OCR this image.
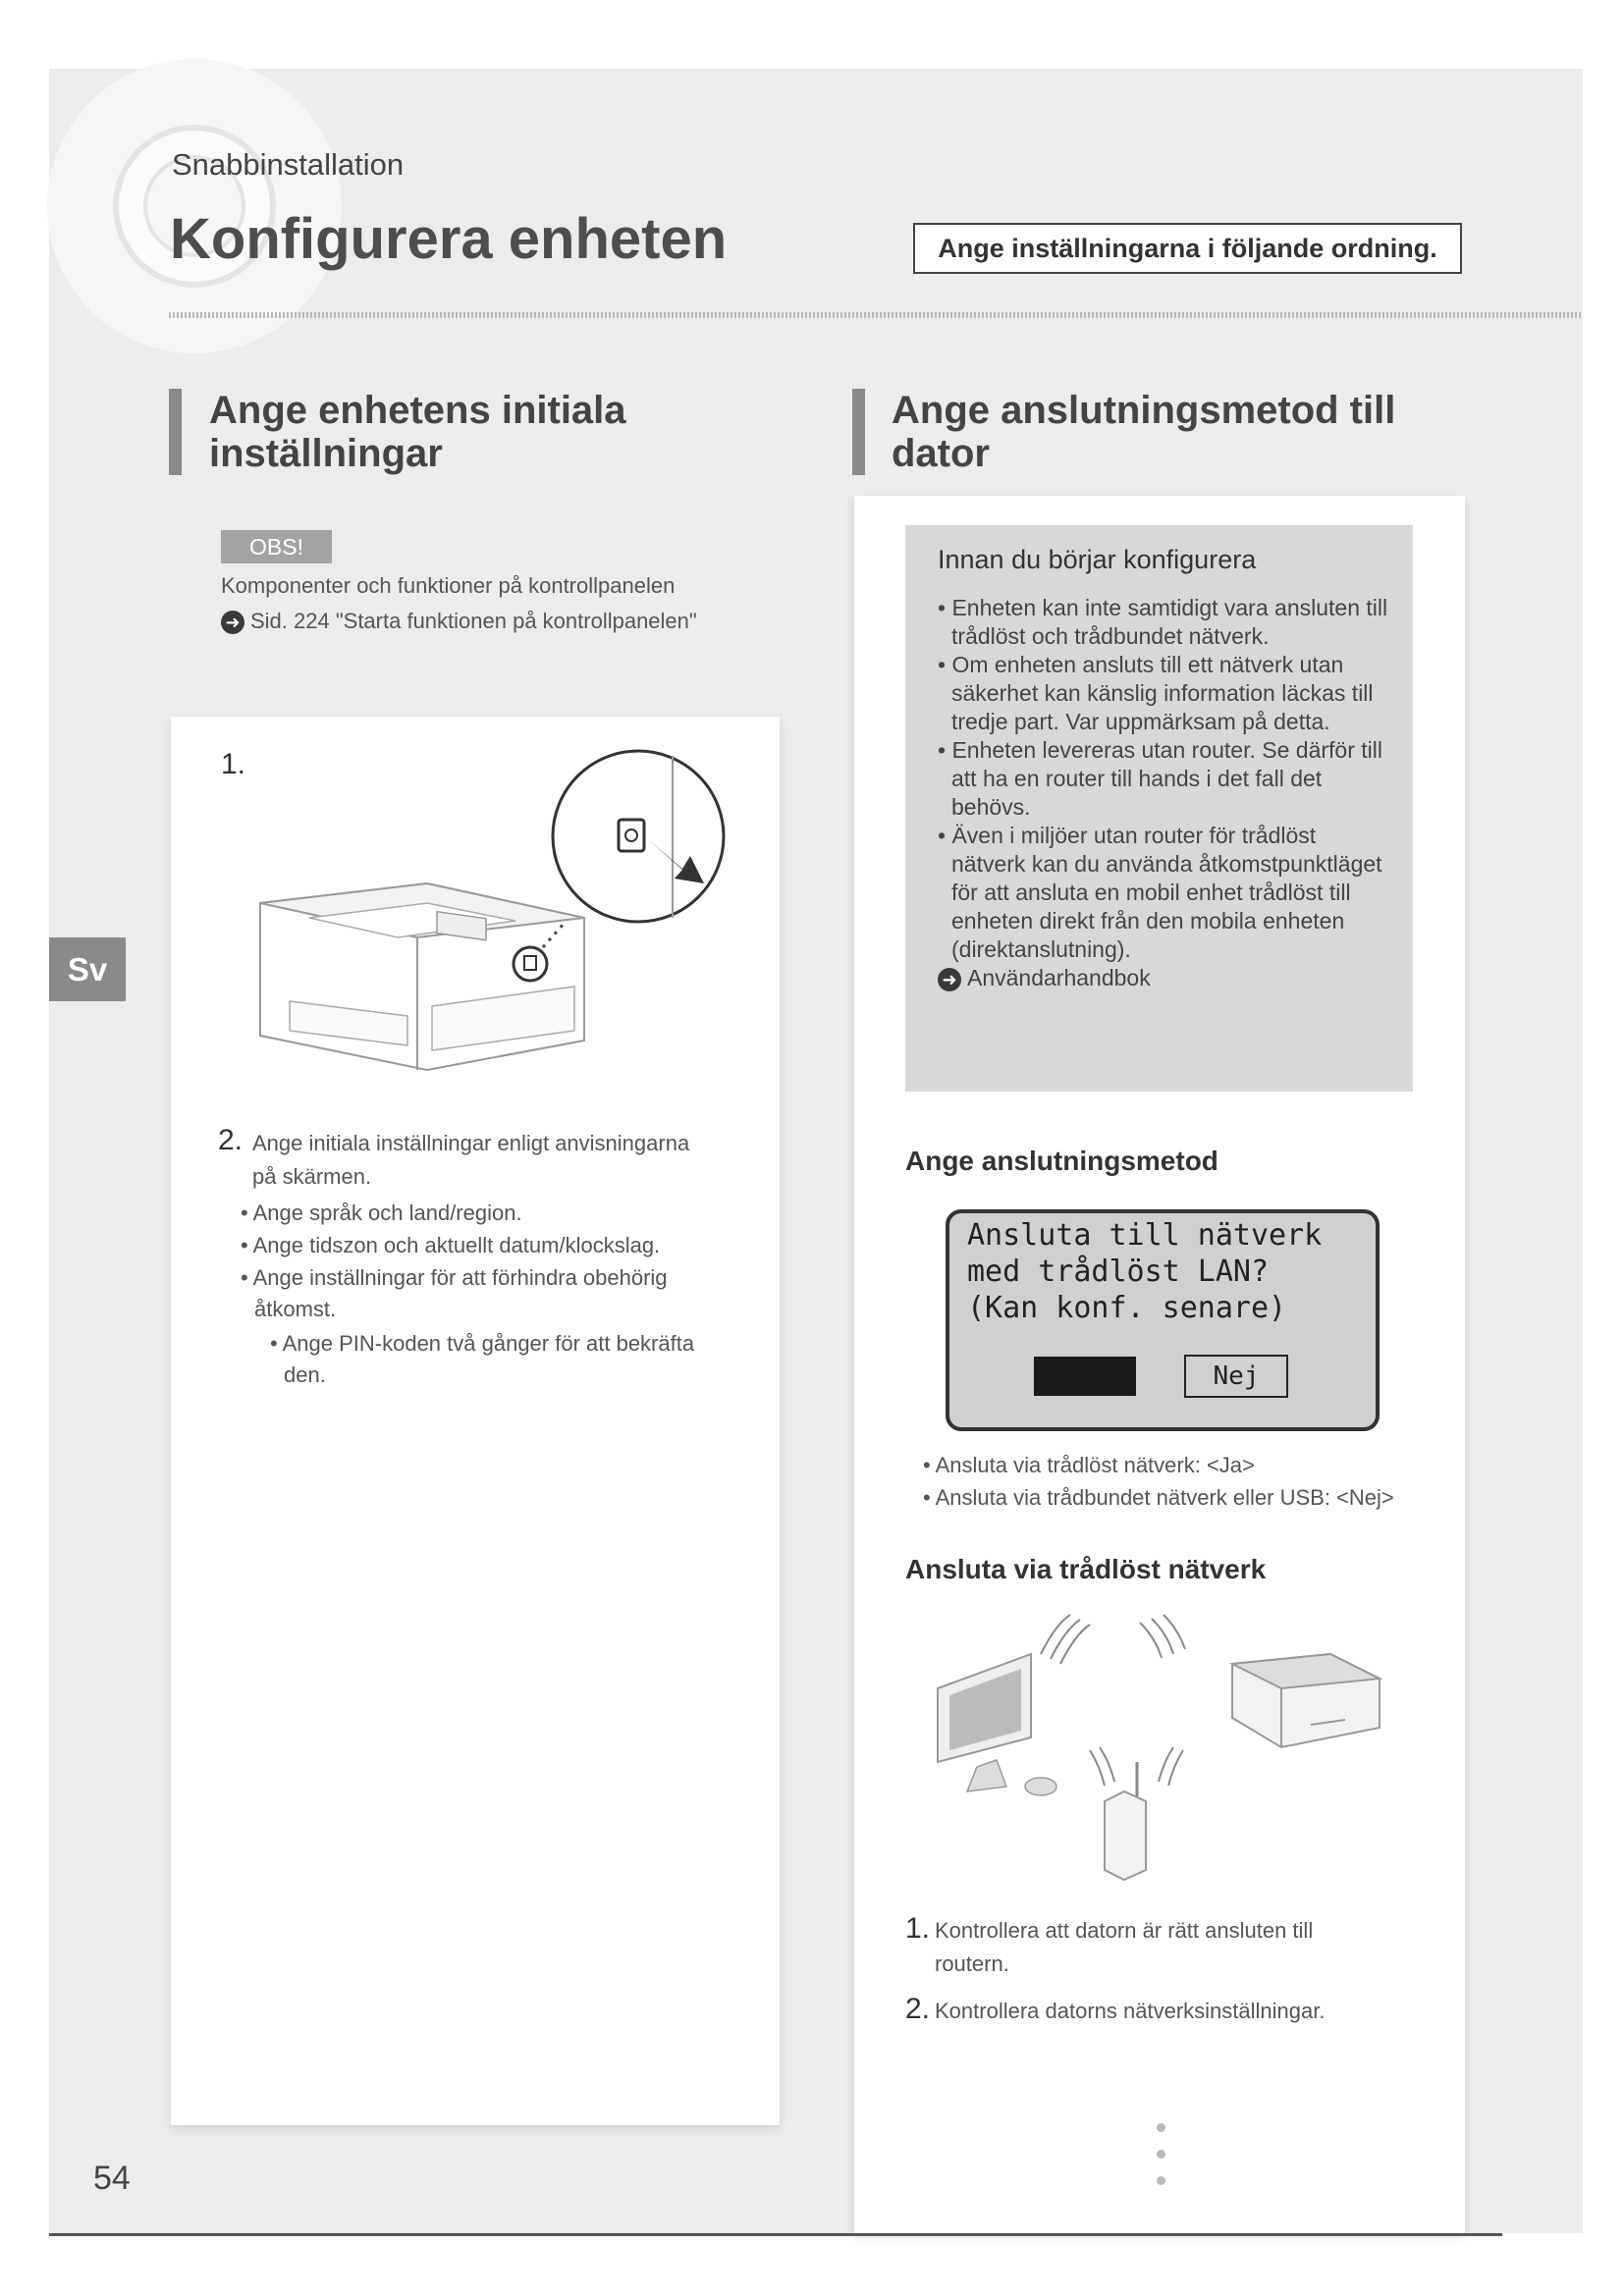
Snabbinstallation
Konfigurera enheten	Ange inställningarna i följande ordning.
Ange enhetens initiala
inställningar
Ange anslutningsmetod till
dator
OBS!
Komponenter och funktioner på kontrollpanelen
➜ Sid. 224 "Starta funktionen på kontrollpanelen"
1.
2. Ange initiala inställningar enligt anvisningarna
på skärmen.
• Ange språk och land/region.
• Ange tidszon och aktuellt datum/klockslag.
• Ange inställningar för att förhindra obehörig
åtkomst.
• Ange PIN-koden två gånger för att bekräfta
den.
Innan du börjar konfigurera
• Enheten kan inte samtidigt vara ansluten till trådlöst och trådbundet nätverk.
• Om enheten ansluts till ett nätverk utan säkerhet kan känslig information läckas till tredje part. Var uppmärksam på detta.
• Enheten levereras utan router. Se därför till att ha en router till hands i det fall det behövs.
• Även i miljöer utan router för trådlöst nätverk kan du använda åtkomstpunktläget för att ansluta en mobil enhet trådlöst till enheten direkt från den mobila enheten (direktanslutning).
➜ Användarhandbok
Ange anslutningsmetod
Ansluta till nätverk
med trådlöst LAN?
(Kan konf. senare)
Ja	Nej
• Ansluta via trådlöst nätverk: <Ja>
• Ansluta via trådbundet nätverk eller USB: <Nej>
Ansluta via trådlöst nätverk
1. Kontrollera att datorn är rätt ansluten till
routern.
2. Kontrollera datorns nätverksinställningar.
Sv
54
